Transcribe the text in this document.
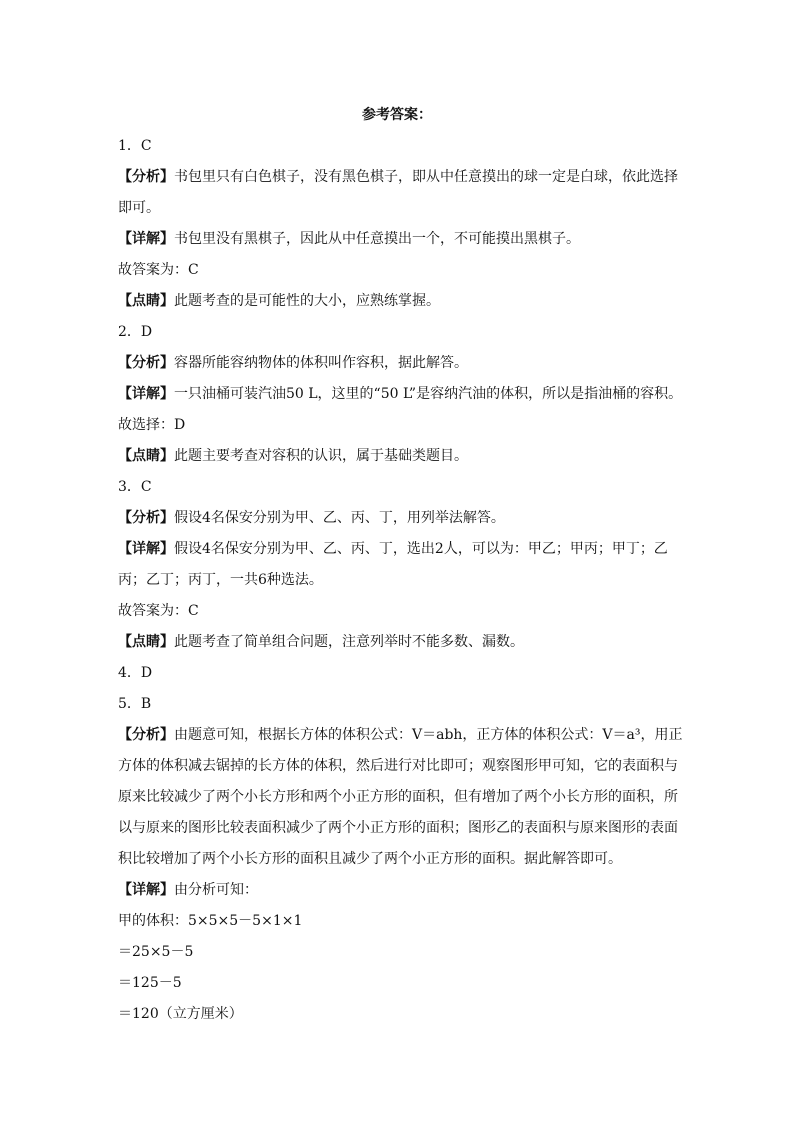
参考答案：

1．C

【分析】书包里只有白色棋子，没有黑色棋子，即从中任意摸出的球一定是白球，依此选择

即可。

【详解】书包里没有黑棋子，因此从中任意摸出一个，不可能摸出黑棋子。

故答案为：C

【点睛】此题考查的是可能性的大小，应熟练掌握。

2．D

【分析】容器所能容纳物体的体积叫作容积，据此解答。

【详解】一只油桶可装汽油50 L，这里的“50 L”是容纳汽油的体积，所以是指油桶的容积。

故选择：D

【点睛】此题主要考查对容积的认识，属于基础类题目。

3．C

【分析】假设4名保安分别为甲、乙、丙、丁，用列举法解答。

【详解】假设4名保安分别为甲、乙、丙、丁，选出2人，可以为：甲乙；甲丙；甲丁；乙

丙；乙丁；丙丁，一共6种选法。

故答案为：C

【点睛】此题考查了简单组合问题，注意列举时不能多数、漏数。

4．D

5．B

【分析】由题意可知，根据长方体的体积公式：V＝abh，正方体的体积公式：V＝a³，用正

方体的体积减去锯掉的长方体的体积，然后进行对比即可；观察图形甲可知，它的表面积与

原来比较减少了两个小长方形和两个小正方形的面积，但有增加了两个小长方形的面积，所

以与原来的图形比较表面积减少了两个小正方形的面积；图形乙的表面积与原来图形的表面

积比较增加了两个小长方形的面积且减少了两个小正方形的面积。据此解答即可。

【详解】由分析可知：

甲的体积：5×5×5－5×1×1

＝25×5－5

＝125－5

＝120（立方厘米）
